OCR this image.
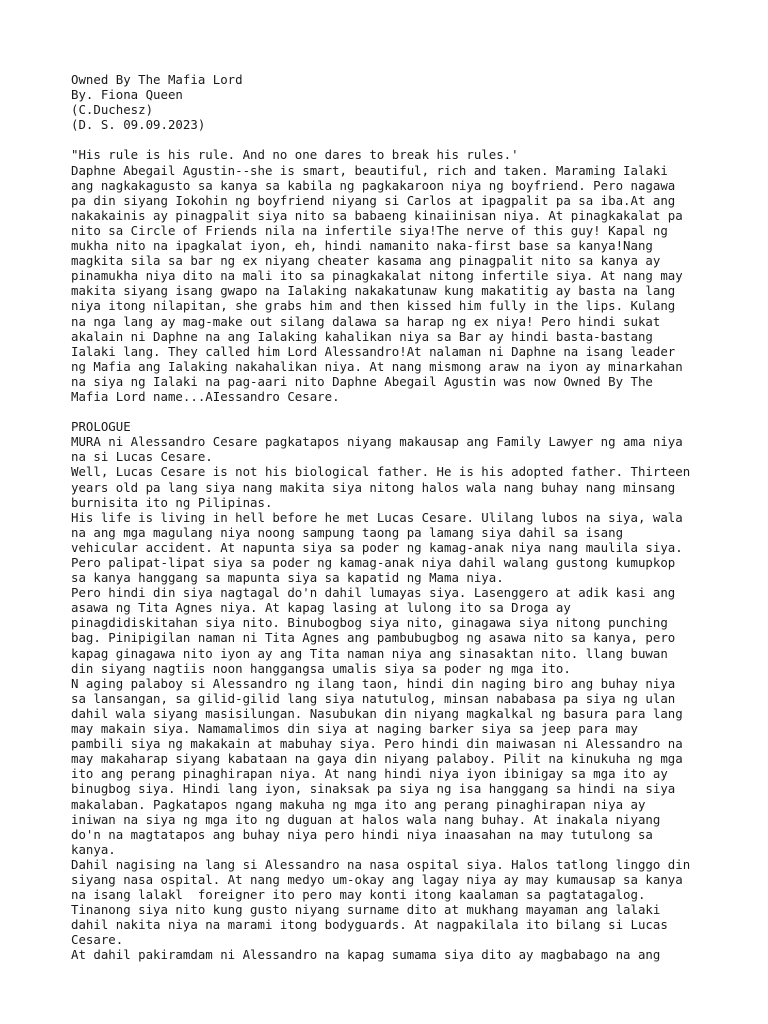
Owned By The Mafia Lord
By. Fiona Queen
(C.Duchesz)
(D. S. 09.09.2023)
"His rule is his rule. And no one dares to break his rules.'
Daphne Abegail Agustin--she is smart, beautiful, rich and taken. Maraming Ialaki
ang nagkakagusto sa kanya sa kabila ng pagkakaroon niya ng boyfriend. Pero nagawa
pa din siyang Iokohin ng boyfriend niyang si Carlos at ipagpalit pa sa iba.At ang
nakakainis ay pinagpalit siya nito sa babaeng kinaiinisan niya. At pinagkakalat pa
nito sa Circle of Friends nila na infertile siya!The nerve of this guy! Kapal ng
mukha nito na ipagkalat iyon, eh, hindi namanito naka-first base sa kanya!Nang
magkita sila sa bar ng ex niyang cheater kasama ang pinagpalit nito sa kanya ay
pinamukha niya dito na mali ito sa pinagkakalat nitong infertile siya. At nang may
makita siyang isang gwapo na Ialaking nakakatunaw kung makatitig ay basta na lang
niya itong nilapitan, she grabs him and then kissed him fully in the lips. Kulang
na nga lang ay mag-make out silang dalawa sa harap ng ex niya! Pero hindi sukat
akalain ni Daphne na ang Ialaking kahalikan niya sa Bar ay hindi basta-bastang
Ialaki lang. They called him Lord Alessandro!At nalaman ni Daphne na isang leader
ng Mafia ang Ialaking nakahalikan niya. At nang mismong araw na iyon ay minarkahan
na siya ng Ialaki na pag-aari nito Daphne Abegail Agustin was now Owned By The
Mafia Lord name...AIessandro Cesare.
PROLOGUE
MURA ni Alessandro Cesare pagkatapos niyang makausap ang Family Lawyer ng ama niya
na si Lucas Cesare.
Well, Lucas Cesare is not his biological father. He is his adopted father. Thirteen
years old pa lang siya nang makita siya nitong halos wala nang buhay nang minsang
burnisita ito ng Pilipinas.
His life is living in hell before he met Lucas Cesare. Ulilang lubos na siya, wala
na ang mga magulang niya noong sampung taong pa lamang siya dahil sa isang
vehicular accident. At napunta siya sa poder ng kamag-anak niya nang maulila siya.
Pero palipat-lipat siya sa poder ng kamag-anak niya dahil walang gustong kumupkop
sa kanya hanggang sa mapunta siya sa kapatid ng Mama niya.
Pero hindi din siya nagtagal do'n dahil lumayas siya. Lasenggero at adik kasi ang
asawa ng Tita Agnes niya. At kapag lasing at lulong ito sa Droga ay
pinagdidiskitahan siya nito. Binubogbog siya nito, ginagawa siya nitong punching
bag. Pinipigilan naman ni Tita Agnes ang pambubugbog ng asawa nito sa kanya, pero
kapag ginagawa nito iyon ay ang Tita naman niya ang sinasaktan nito. llang buwan
din siyang nagtiis noon hanggangsa umalis siya sa poder ng mga ito.
N aging palaboy si Alessandro ng ilang taon, hindi din naging biro ang buhay niya
sa lansangan, sa gilid-gilid lang siya natutulog, minsan nababasa pa siya ng ulan
dahil wala siyang masisilungan. Nasubukan din niyang magkalkal ng basura para lang
may makain siya. Namamalimos din siya at naging barker siya sa jeep para may
pambili siya ng makakain at mabuhay siya. Pero hindi din maiwasan ni Alessandro na
may makaharap siyang kabataan na gaya din niyang palaboy. Pilit na kinukuha ng mga
ito ang perang pinaghirapan niya. At nang hindi niya iyon ibinigay sa mga ito ay
binugbog siya. Hindi lang iyon, sinaksak pa siya ng isa hanggang sa hindi na siya
makalaban. Pagkatapos ngang makuha ng mga ito ang perang pinaghirapan niya ay
iniwan na siya ng mga ito ng duguan at halos wala nang buhay. At inakala niyang
do'n na magtatapos ang buhay niya pero hindi niya inaasahan na may tutulong sa
kanya.
Dahil nagising na lang si Alessandro na nasa ospital siya. Halos tatlong linggo din
siyang nasa ospital. At nang medyo um-okay ang lagay niya ay may kumausap sa kanya
na isang lalakl  foreigner ito pero may konti itong kaalaman sa pagtatagalog.
Tinanong siya nito kung gusto niyang surname dito at mukhang mayaman ang lalaki
dahil nakita niya na marami itong bodyguards. At nagpakilala ito bilang si Lucas
Cesare.
At dahil pakiramdam ni Alessandro na kapag sumama siya dito ay magbabago na ang
